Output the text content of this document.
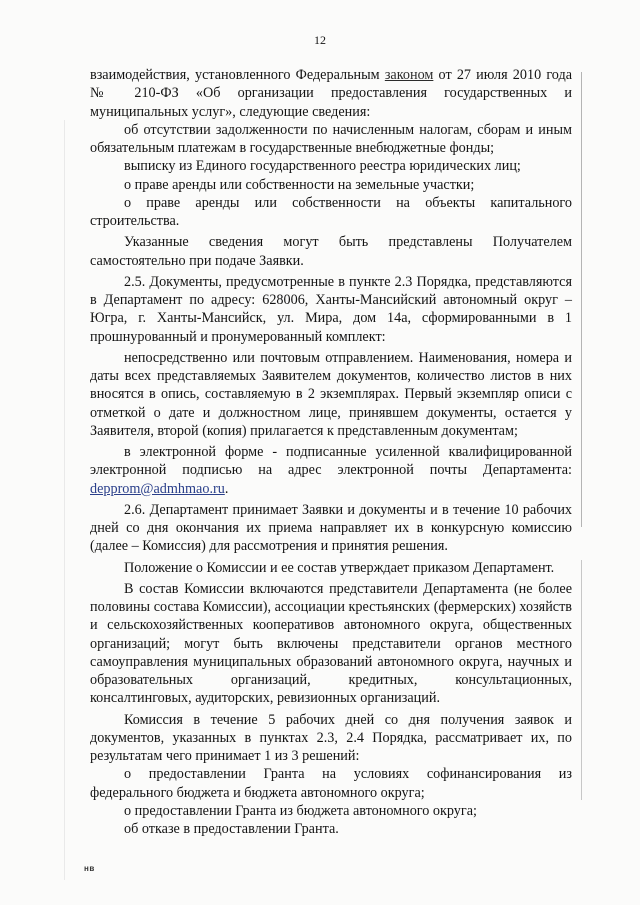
12

взаимодействия, установленного Федеральным законом от 27 июля 2010 года № 210-ФЗ «Об организации предоставления государственных и муниципальных услуг», следующие сведения:

об отсутствии задолженности по начисленным налогам, сборам и иным обязательным платежам в государственные внебюджетные фонды;

выписку из Единого государственного реестра юридических лиц;

о праве аренды или собственности на земельные участки;

о праве аренды или собственности на объекты капитального строительства.

Указанные сведения могут быть представлены Получателем самостоятельно при подаче Заявки.

2.5. Документы, предусмотренные в пункте 2.3 Порядка, представляются в Департамент по адресу: 628006, Ханты-Мансийский автономный округ – Югра, г. Ханты-Мансийск, ул. Мира, дом 14а, сформированными в 1 прошнурованный и пронумерованный комплект:

непосредственно или почтовым отправлением. Наименования, номера и даты всех представляемых Заявителем документов, количество листов в них вносятся в опись, составляемую в 2 экземплярах. Первый экземпляр описи с отметкой о дате и должностном лице, принявшем документы, остается у Заявителя, второй (копия) прилагается к представленным документам;

в электронной форме - подписанные усиленной квалифицированной электронной подписью на адрес электронной почты Департамента: depprom@admhmao.ru.

2.6. Департамент принимает Заявки и документы и в течение 10 рабочих дней со дня окончания их приема направляет их в конкурсную комиссию (далее – Комиссия) для рассмотрения и принятия решения.

Положение о Комиссии и ее состав утверждает приказом Департамент.

В состав Комиссии включаются представители Департамента (не более половины состава Комиссии), ассоциации крестьянских (фермерских) хозяйств и сельскохозяйственных кооперативов автономного округа, общественных организаций; могут быть включены представители органов местного самоуправления муниципальных образований автономного округа, научных и образовательных организаций, кредитных, консультационных, консалтинговых, аудиторских, ревизионных организаций.

Комиссия в течение 5 рабочих дней со дня получения заявок и документов, указанных в пунктах 2.3, 2.4 Порядка, рассматривает их, по результатам чего принимает 1 из 3 решений:

о предоставлении Гранта на условиях софинансирования из федерального бюджета и бюджета автономного округа;

о предоставлении Гранта из бюджета автономного округа;

об отказе в предоставлении Гранта.

нв
